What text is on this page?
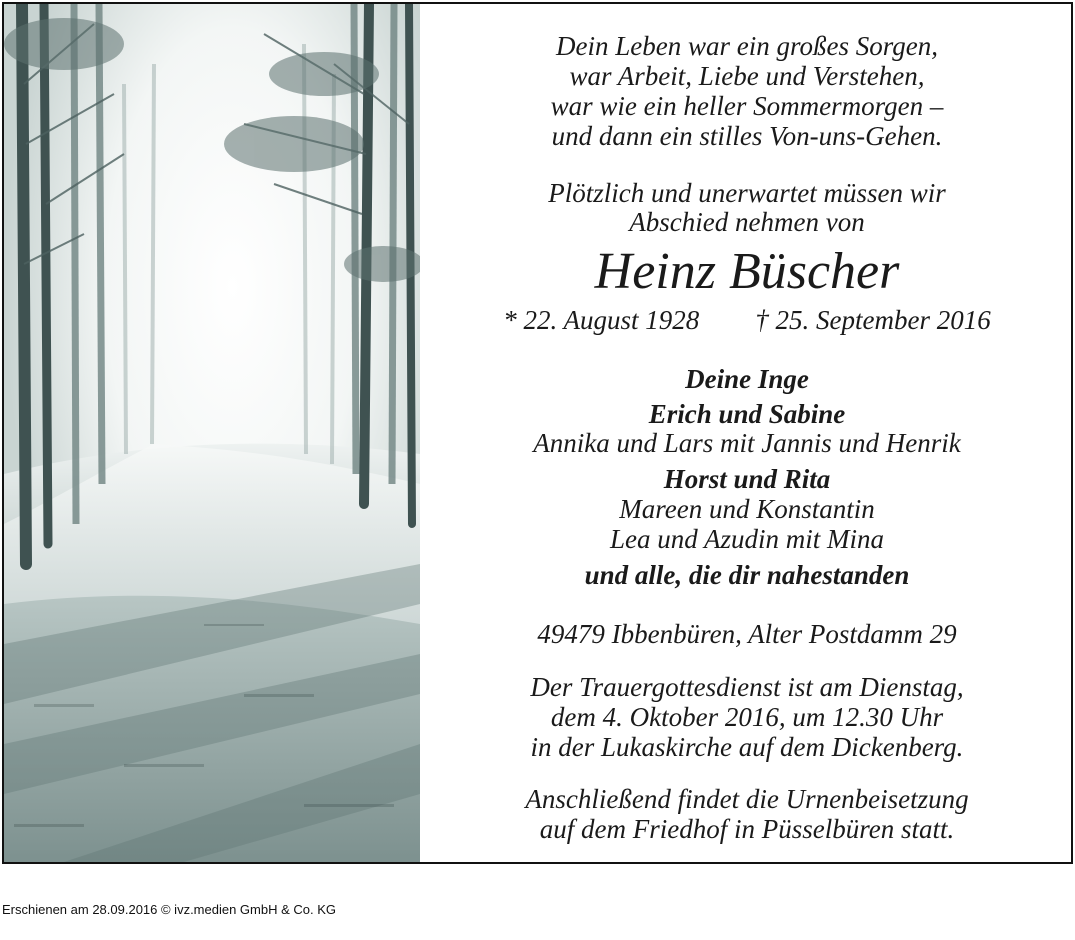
Dein Leben war ein großes Sorgen,
war Arbeit, Liebe und Verstehen,
war wie ein heller Sommermorgen –
und dann ein stilles Von-uns-Gehen.
Plötzlich und unerwartet müssen wir
Abschied nehmen von
Heinz Büscher
* 22. August 1928 † 25. September 2016
Deine Inge
Erich und Sabine
Annika und Lars mit Jannis und Henrik
Horst und Rita
Mareen und Konstantin
Lea und Azudin mit Mina
und alle, die dir nahestanden
49479 Ibbenbüren, Alter Postdamm 29
Der Trauergottesdienst ist am Dienstag,
dem 4. Oktober 2016, um 12.30 Uhr
in der Lukaskirche auf dem Dickenberg.
Anschließend findet die Urnenbeisetzung
auf dem Friedhof in Püsselbüren statt.
Erschienen am 28.09.2016 © ivz.medien GmbH & Co. KG
